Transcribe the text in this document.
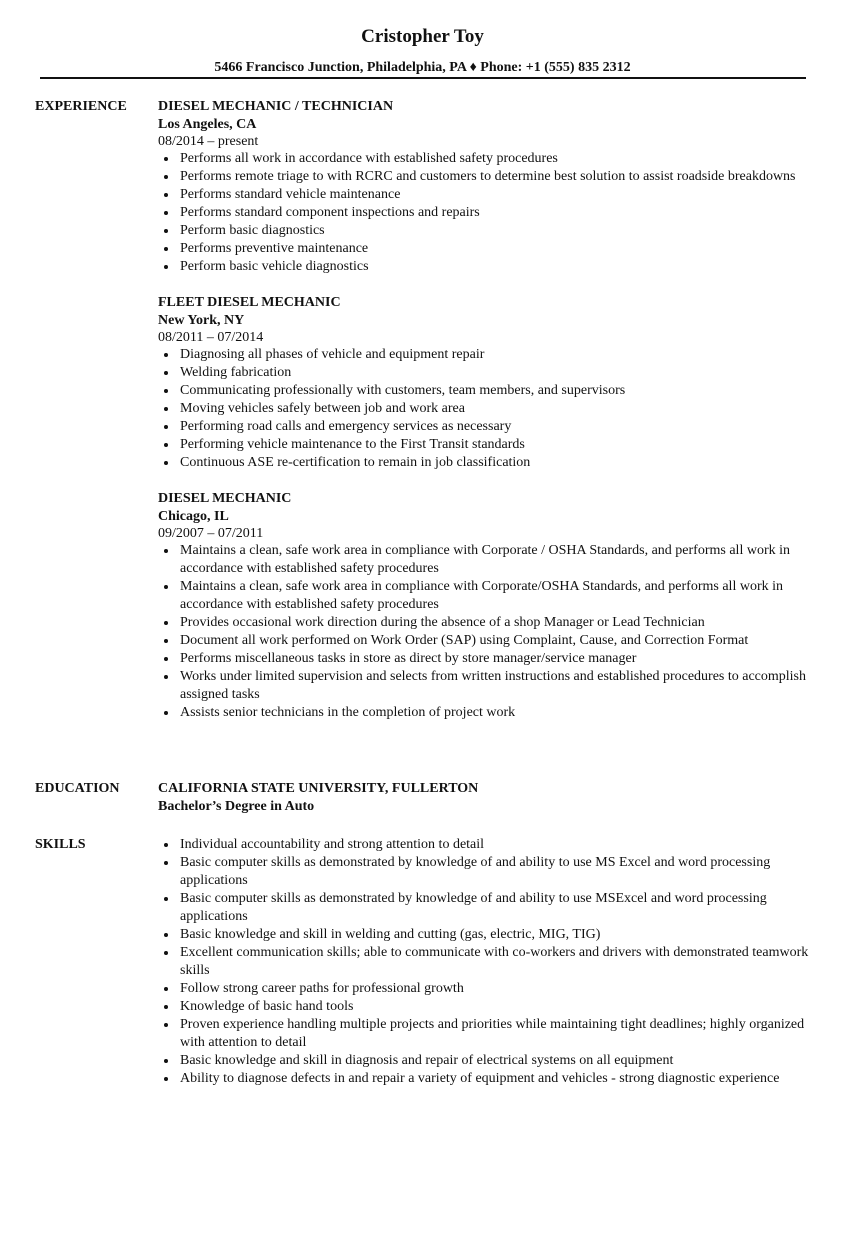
Cristopher Toy
5466 Francisco Junction, Philadelphia, PA ♦ Phone: +1 (555) 835 2312
EXPERIENCE	DIESEL MECHANIC / TECHNICIAN
Los Angeles, CA
08/2014 – present
Performs all work in accordance with established safety procedures
Performs remote triage to with RCRC and customers to determine best solution to assist roadside breakdowns
Performs standard vehicle maintenance
Performs standard component inspections and repairs
Perform basic diagnostics
Performs preventive maintenance
Perform basic vehicle diagnostics
FLEET DIESEL MECHANIC
New York, NY
08/2011 – 07/2014
Diagnosing all phases of vehicle and equipment repair
Welding fabrication
Communicating professionally with customers, team members, and supervisors
Moving vehicles safely between job and work area
Performing road calls and emergency services as necessary
Performing vehicle maintenance to the First Transit standards
Continuous ASE re-certification to remain in job classification
DIESEL MECHANIC
Chicago, IL
09/2007 – 07/2011
Maintains a clean, safe work area in compliance with Corporate / OSHA Standards, and performs all work in accordance with established safety procedures
Maintains a clean, safe work area in compliance with Corporate/OSHA Standards, and performs all work in accordance with established safety procedures
Provides occasional work direction during the absence of a shop Manager or Lead Technician
Document all work performed on Work Order (SAP) using Complaint, Cause, and Correction Format
Performs miscellaneous tasks in store as direct by store manager/service manager
Works under limited supervision and selects from written instructions and established procedures to accomplish assigned tasks
Assists senior technicians in the completion of project work
EDUCATION	CALIFORNIA STATE UNIVERSITY, FULLERTON
Bachelor’s Degree in Auto
SKILLS	Individual accountability and strong attention to detail
Basic computer skills as demonstrated by knowledge of and ability to use MS Excel and word processing applications
Basic computer skills as demonstrated by knowledge of and ability to use MSExcel and word processing applications
Basic knowledge and skill in welding and cutting (gas, electric, MIG, TIG)
Excellent communication skills; able to communicate with co-workers and drivers with demonstrated teamwork skills
Follow strong career paths for professional growth
Knowledge of basic hand tools
Proven experience handling multiple projects and priorities while maintaining tight deadlines; highly organized with attention to detail
Basic knowledge and skill in diagnosis and repair of electrical systems on all equipment
Ability to diagnose defects in and repair a variety of equipment and vehicles - strong diagnostic experience
